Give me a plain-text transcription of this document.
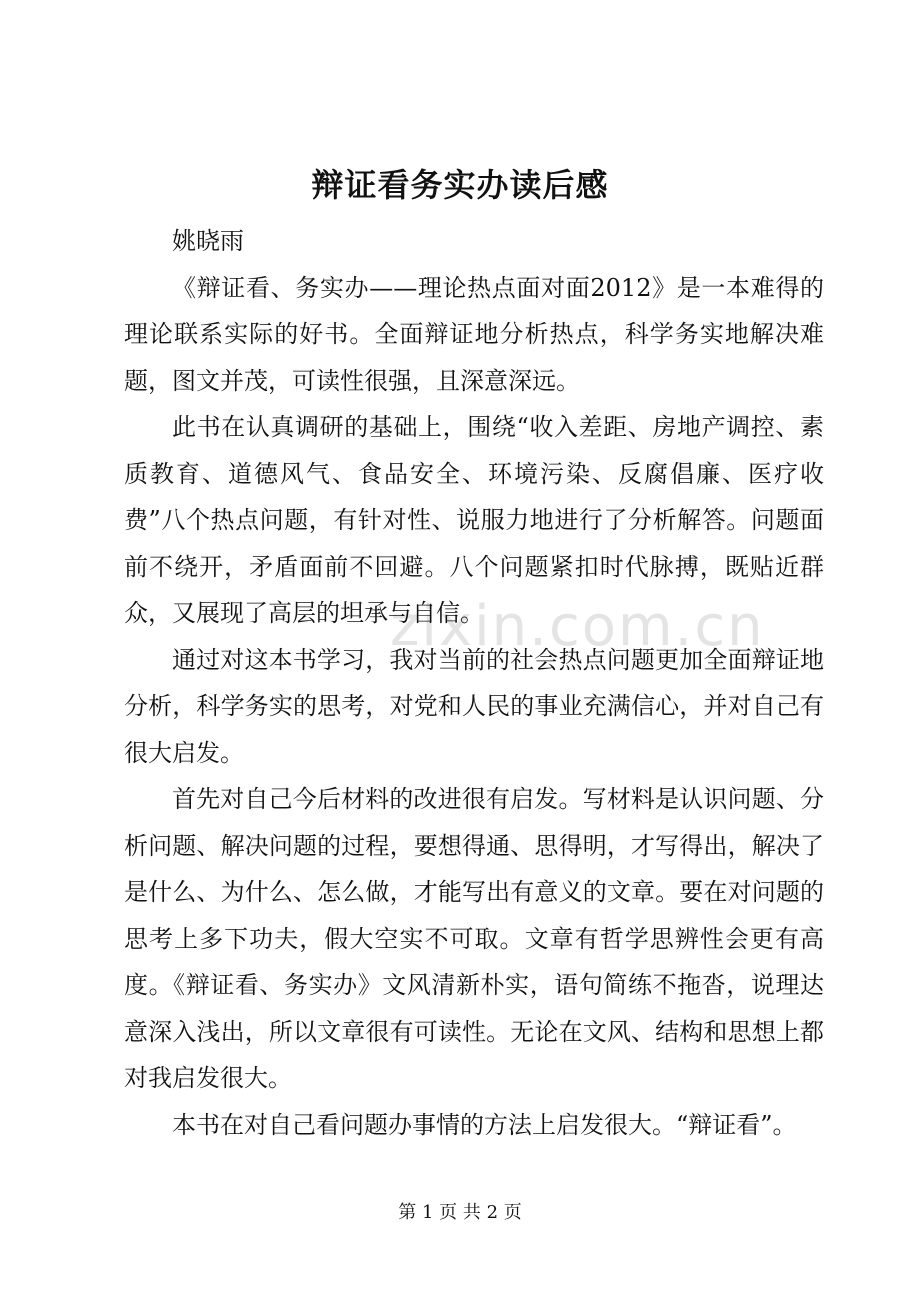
zixin.com.cn
辩证看务实办读后感

姚晓雨

《辩证看、务实办——理论热点面对面2012》是一本难得的理论联系实际的好书。全面辩证地分析热点，科学务实地解决难题，图文并茂，可读性很强，且深意深远。

此书在认真调研的基础上，围绕“收入差距、房地产调控、素质教育、道德风气、食品安全、环境污染、反腐倡廉、医疗收费”八个热点问题，有针对性、说服力地进行了分析解答。问题面前不绕开，矛盾面前不回避。八个问题紧扣时代脉搏，既贴近群众，又展现了高层的坦承与自信。

通过对这本书学习，我对当前的社会热点问题更加全面辩证地分析，科学务实的思考，对党和人民的事业充满信心，并对自己有很大启发。

首先对自己今后材料的改进很有启发。写材料是认识问题、分析问题、解决问题的过程，要想得通、思得明，才写得出，解决了是什么、为什么、怎么做，才能写出有意义的文章。要在对问题的思考上多下功夫，假大空实不可取。文章有哲学思辨性会更有高度。《辩证看、务实办》文风清新朴实，语句简练不拖沓，说理达意深入浅出，所以文章很有可读性。无论在文风、结构和思想上都对我启发很大。

本书在对自己看问题办事情的方法上启发很大。“辩证看”。

第 1 页 共 2 页
